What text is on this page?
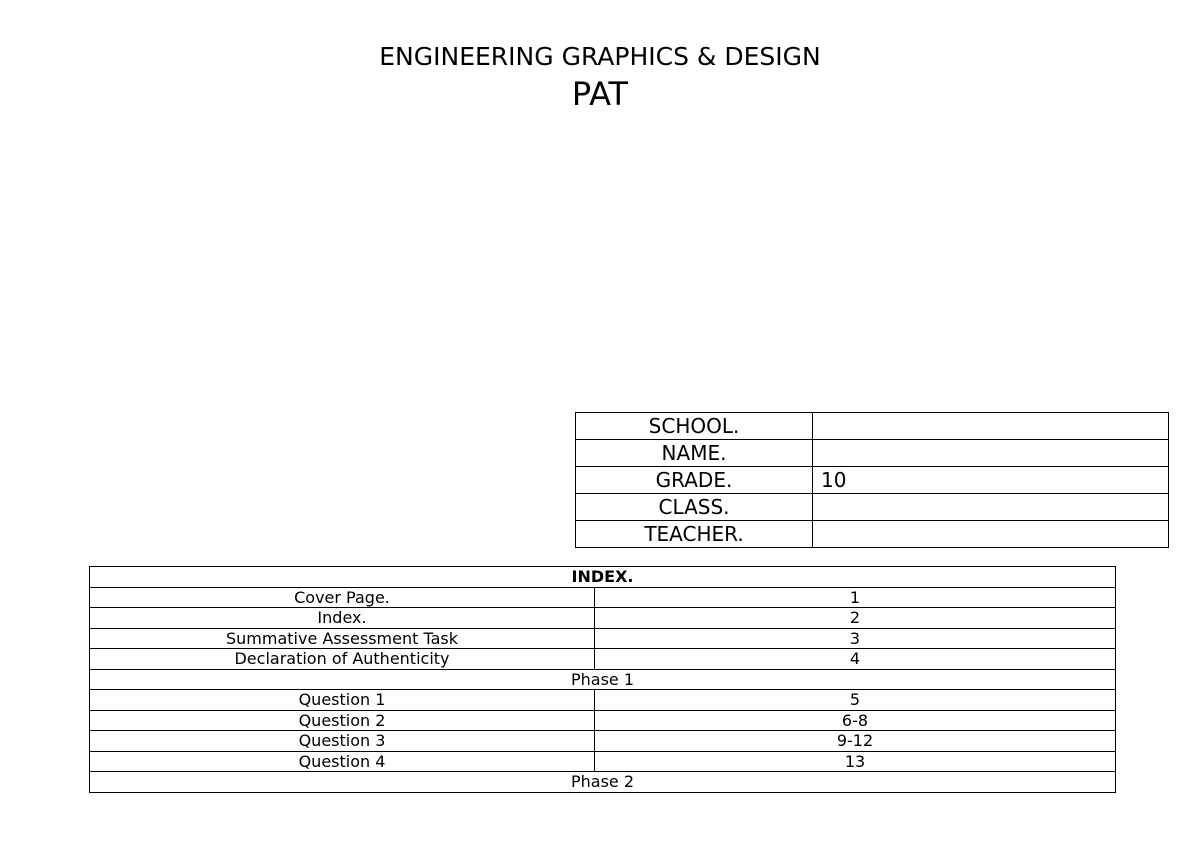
ENGINEERING GRAPHICS & DESIGN
PAT
SCHOOL.	
NAME.	
GRADE.	10
CLASS.	
TEACHER.	
INDEX.	
Cover Page.	1
Index.	2
Summative Assessment Task	3
Declaration of Authenticity	4
Phase 1	
Question 1	5
Question 2	6-8
Question 3	9-12
Question 4	13
Phase 2	
